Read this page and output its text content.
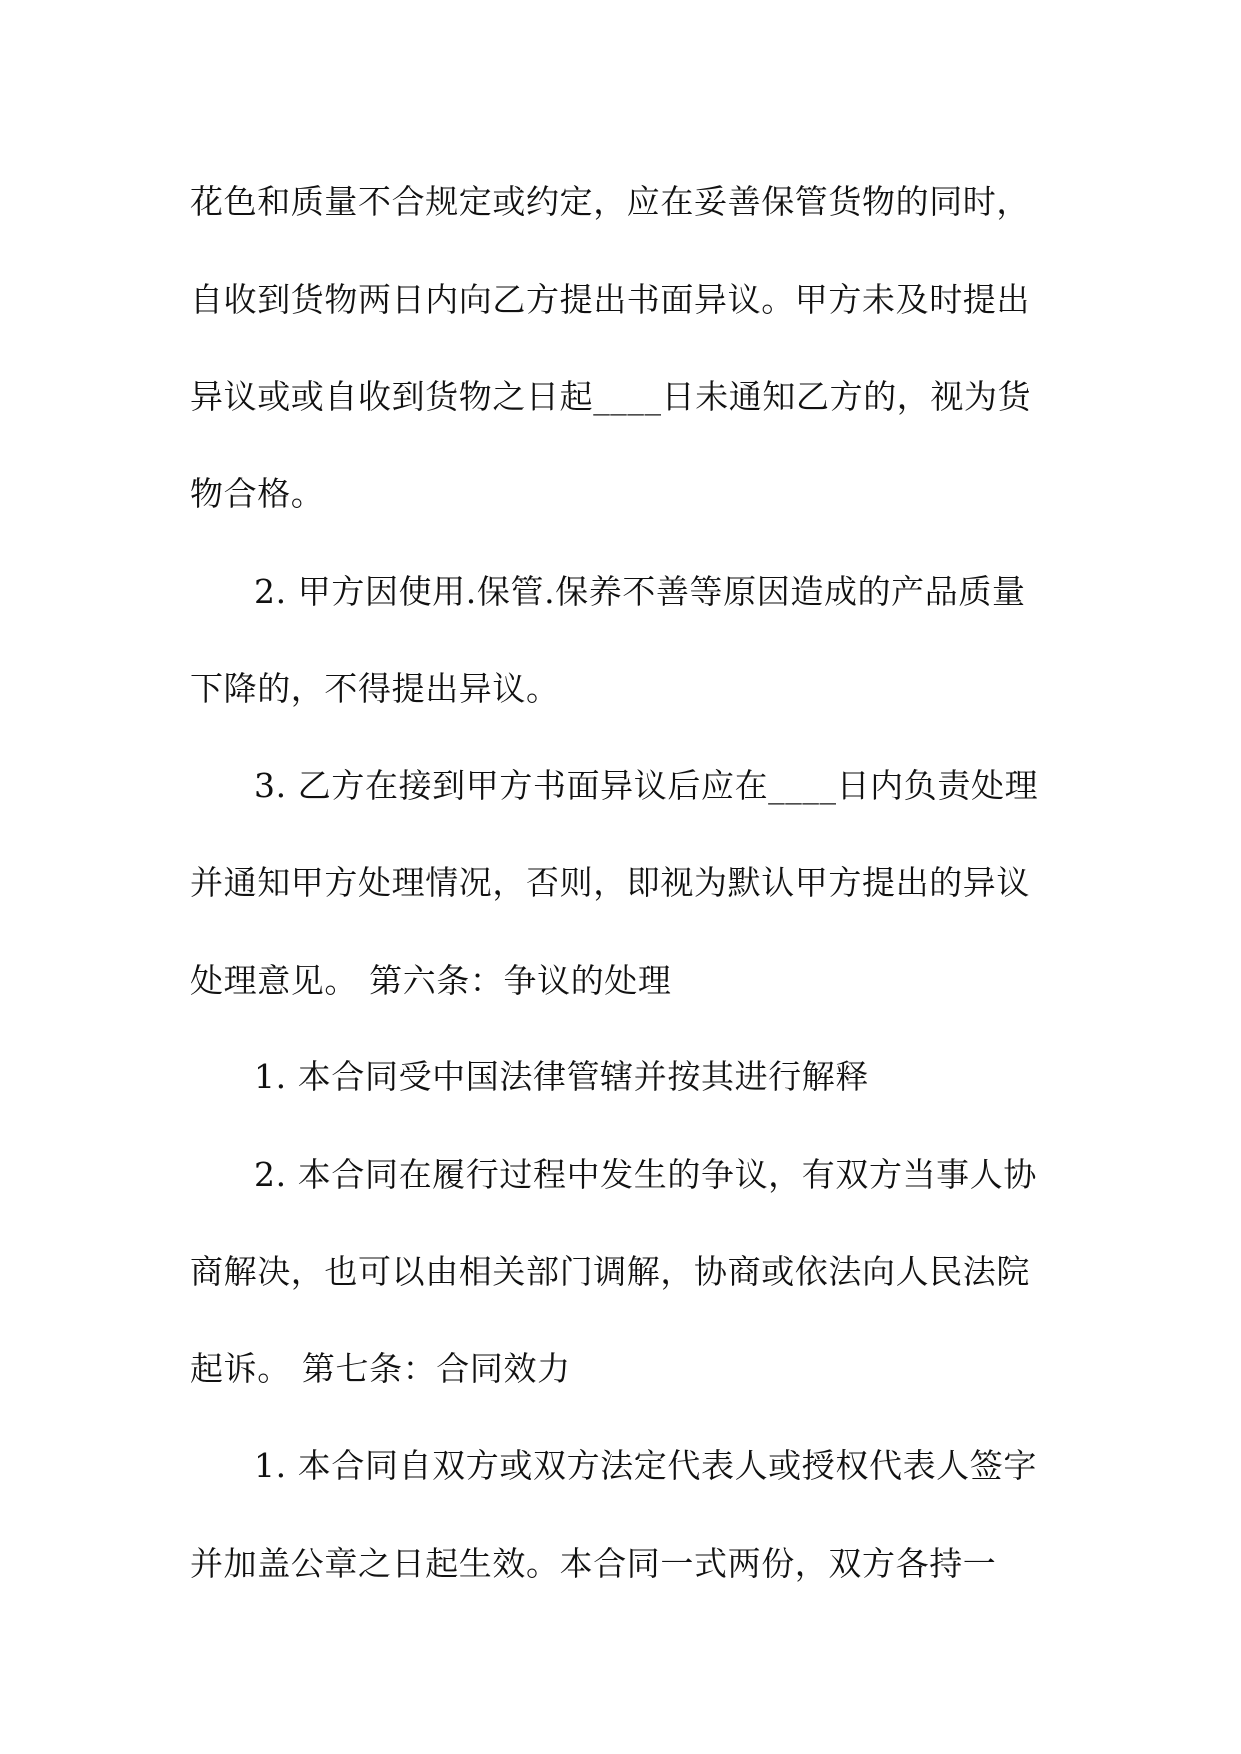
花色和质量不合规定或约定，应在妥善保管货物的同时，
自收到货物两日内向乙方提出书面异议。甲方未及时提出
异议或或自收到货物之日起____日未通知乙方的，视为货
物合格。
2. 甲方因使用.保管.保养不善等原因造成的产品质量
下降的，不得提出异议。
3. 乙方在接到甲方书面异议后应在____日内负责处理
并通知甲方处理情况，否则，即视为默认甲方提出的异议
处理意见。 第六条：争议的处理
1. 本合同受中国法律管辖并按其进行解释
2. 本合同在履行过程中发生的争议，有双方当事人协
商解决，也可以由相关部门调解，协商或依法向人民法院
起诉。 第七条：合同效力
1. 本合同自双方或双方法定代表人或授权代表人签字
并加盖公章之日起生效。本合同一式两份，双方各持一
